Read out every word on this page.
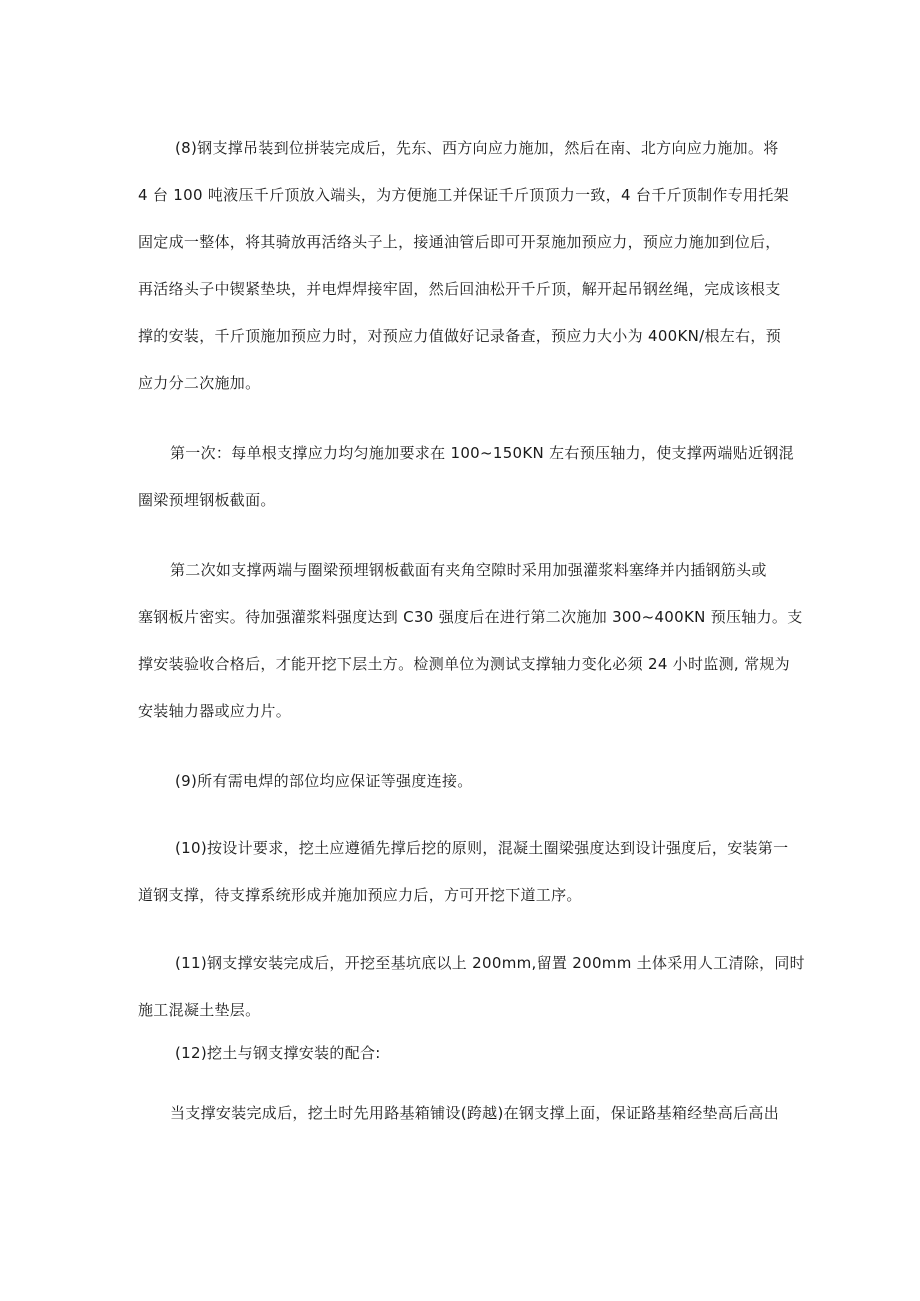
(8)钢支撑吊装到位拼装完成后，先东、西方向应力施加，然后在南、北方向应力施加。将

4 台 100 吨液压千斤顶放入端头，为方便施工并保证千斤顶顶力一致，4 台千斤顶制作专用托架

固定成一整体，将其骑放再活络头子上，接通油管后即可开泵施加预应力，预应力施加到位后，

再活络头子中锲紧垫块，并电焊焊接牢固，然后回油松开千斤顶，解开起吊钢丝绳，完成该根支

撑的安装，千斤顶施加预应力时，对预应力值做好记录备查，预应力大小为 400KN/根左右，预

应力分二次施加。

第一次：每单根支撑应力均匀施加要求在 100~150KN 左右预压轴力，使支撑两端贴近钢混

圈梁预埋钢板截面。

第二次如支撑两端与圈梁预埋钢板截面有夹角空隙时采用加强灌浆料塞绛并内插钢筋头或

塞钢板片密实。待加强灌浆料强度达到 C30 强度后在进行第二次施加 300~400KN 预压轴力。支

撑安装验收合格后，才能开挖下层土方。检测单位为测试支撑轴力变化必须 24 小时监测, 常规为

安装轴力器或应力片。

(9)所有需电焊的部位均应保证等强度连接。

(10)按设计要求，挖土应遵循先撑后挖的原则，混凝土圈梁强度达到设计强度后，安装第一

道钢支撑，待支撑系统形成并施加预应力后，方可开挖下道工序。

(11)钢支撑安装完成后，开挖至基坑底以上 200mm,留置 200mm 土体采用人工清除，同时

施工混凝土垫层。

(12)挖土与钢支撑安装的配合:

当支撑安装完成后，挖土时先用路基箱铺设(跨越)在钢支撑上面，保证路基箱经垫高后高出
